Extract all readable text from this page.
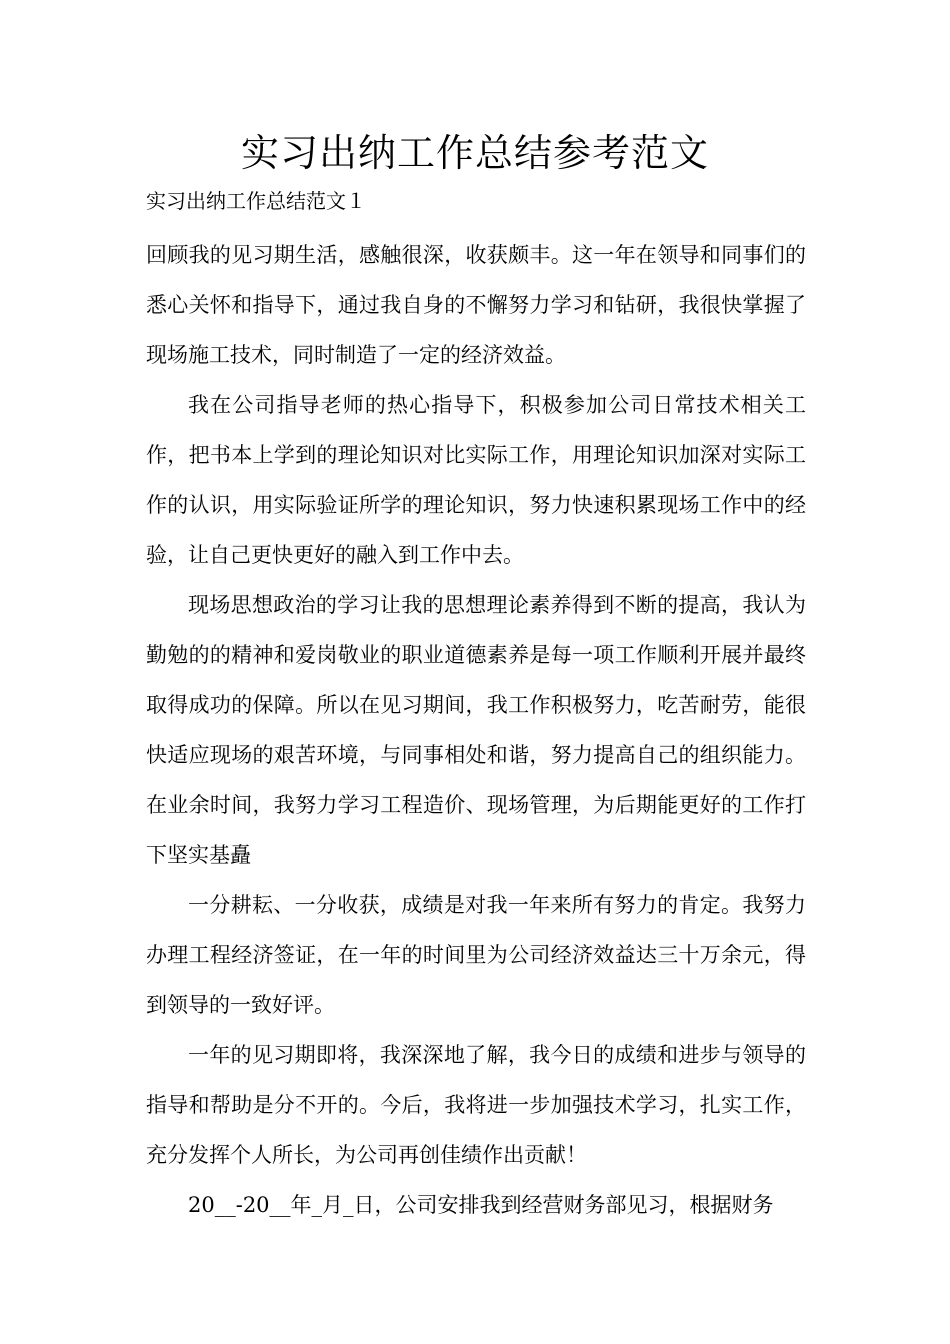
实习出纳工作总结参考范文
实习出纳工作总结范文１

回顾我的见习期生活，感触很深，收获颇丰。这一年在领导和同事们的悉心关怀和指导下，通过我自身的不懈努力学习和钻研，我很快掌握了现场施工技术，同时制造了一定的经济效益。

我在公司指导老师的热心指导下，积极参加公司日常技术相关工作，把书本上学到的理论知识对比实际工作，用理论知识加深对实际工作的认识，用实际验证所学的理论知识，努力快速积累现场工作中的经验，让自己更快更好的融入到工作中去。

现场思想政治的学习让我的思想理论素养得到不断的提高，我认为勤勉的的精神和爱岗敬业的职业道德素养是每一项工作顺利开展并最终取得成功的保障。所以在见习期间，我工作积极努力，吃苦耐劳，能很快适应现场的艰苦环境，与同事相处和谐，努力提高自己的组织能力。在业余时间，我努力学习工程造价、现场管理，为后期能更好的工作打下坚实基矗

一分耕耘、一分收获，成绩是对我一年来所有努力的肯定。我努力办理工程经济签证，在一年的时间里为公司经济效益达三十万余元，得到领导的一致好评。

一年的见习期即将，我深深地了解，我今日的成绩和进步与领导的指导和帮助是分不开的。今后，我将进一步加强技术学习，扎实工作，充分发挥个人所长，为公司再创佳绩作出贡献！

20__-20__年_月_日，公司安排我到经营财务部见习，根据财务
